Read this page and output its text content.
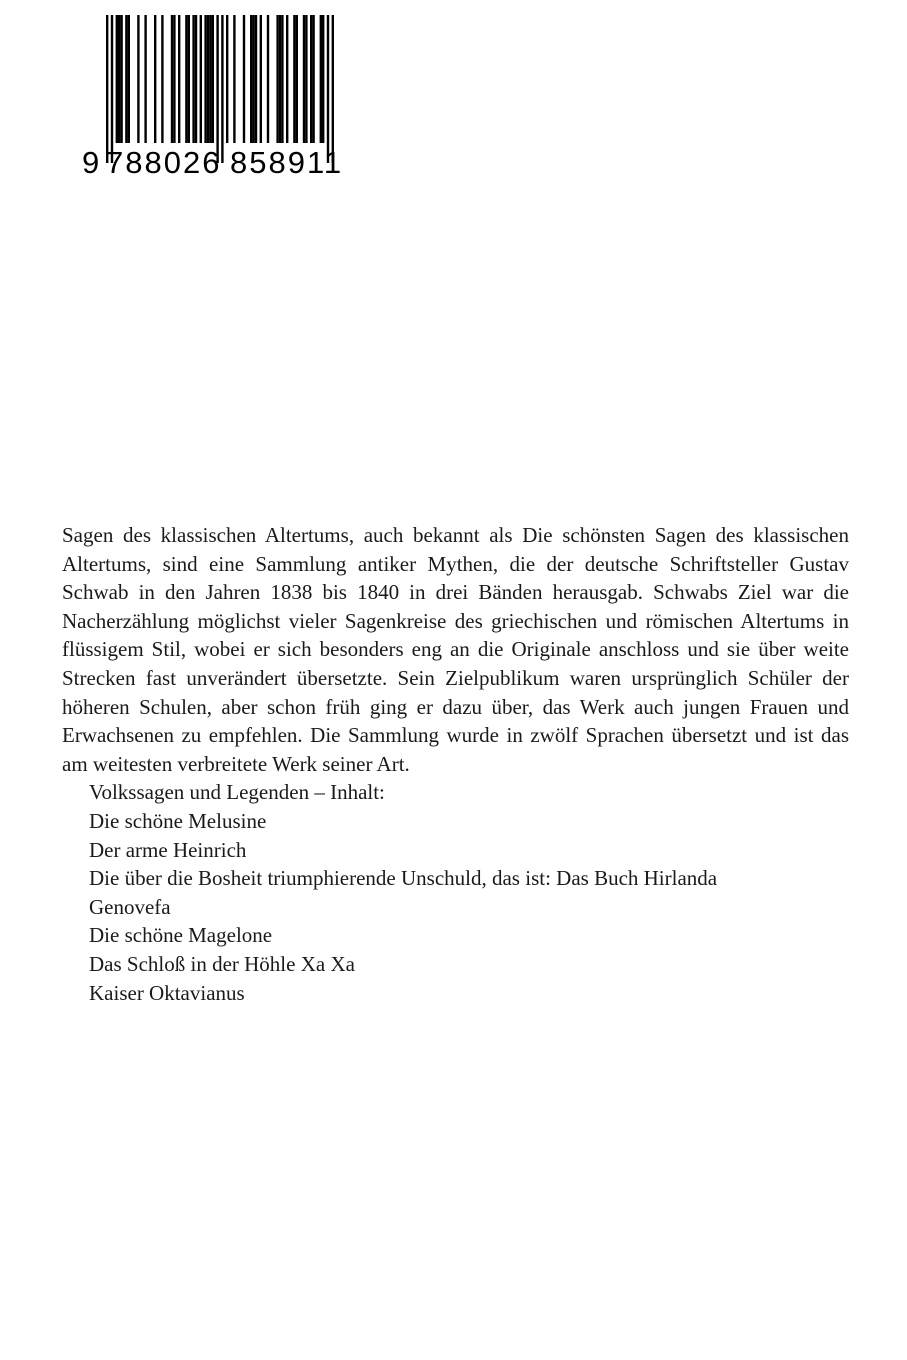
9 788026 858911

Sagen des klassischen Altertums, auch bekannt als Die schönsten Sagen des klassischen Altertums, sind eine Sammlung antiker Mythen, die der deutsche Schriftsteller Gustav Schwab in den Jahren 1838 bis 1840 in drei Bänden herausgab. Schwabs Ziel war die Nacherzählung möglichst vieler Sagenkreise des griechischen und römischen Altertums in flüssigem Stil, wobei er sich besonders eng an die Originale anschloss und sie über weite Strecken fast unverändert übersetzte. Sein Zielpublikum waren ursprünglich Schüler der höheren Schulen, aber schon früh ging er dazu über, das Werk auch jungen Frauen und Erwachsenen zu empfehlen. Die Sammlung wurde in zwölf Sprachen übersetzt und ist das am weitesten verbreitete Werk seiner Art.

Volkssagen und Legenden – Inhalt:
Die schöne Melusine
Der arme Heinrich
Die über die Bosheit triumphierende Unschuld, das ist: Das Buch Hirlanda
Genovefa
Die schöne Magelone
Das Schloß in der Höhle Xa Xa
Kaiser Oktavianus
